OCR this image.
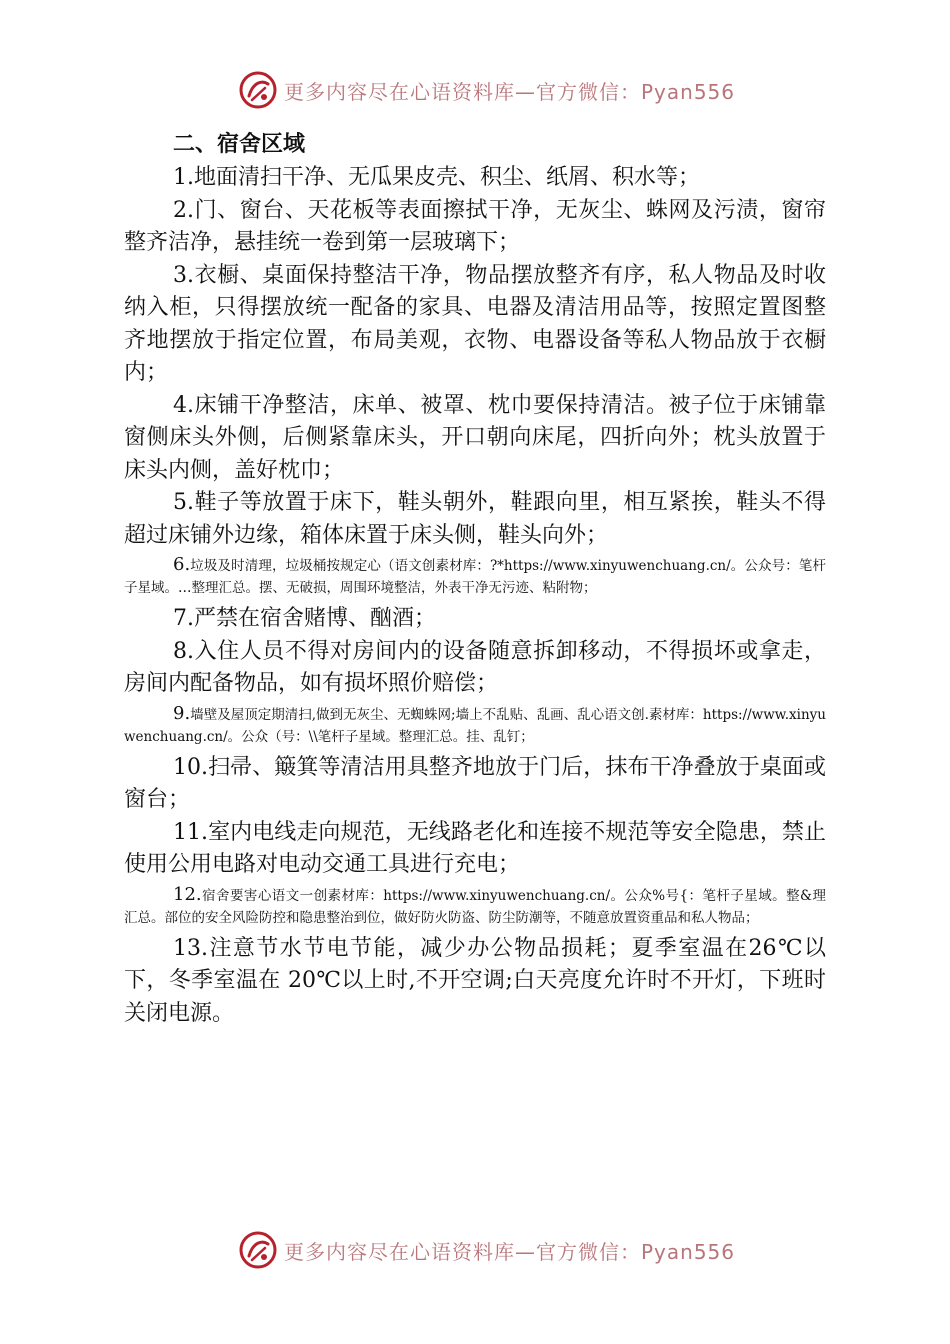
更多内容尽在心语资料库—官方微信：Pyan556
二、宿舍区域

1.地面清扫干净、无瓜果皮壳、积尘、纸屑、积水等；

2.门、窗台、天花板等表面擦拭干净，无灰尘、蛛网及污渍，窗帘整齐洁净，悬挂统一卷到第一层玻璃下；

3.衣橱、桌面保持整洁干净，物品摆放整齐有序，私人物品及时收纳入柜，只得摆放统一配备的家具、电器及清洁用品等，按照定置图整齐地摆放于指定位置，布局美观，衣物、电器设备等私人物品放于衣橱内；

4.床铺干净整洁，床单、被罩、枕巾要保持清洁。被子位于床铺靠窗侧床头外侧，后侧紧靠床头，开口朝向床尾，四折向外；枕头放置于床头内侧，盖好枕巾；

5.鞋子等放置于床下，鞋头朝外，鞋跟向里，相互紧挨，鞋头不得超过床铺外边缘，箱体床置于床头侧，鞋头向外；

6.垃圾及时清理，垃圾桶按规定心（语文创素材库：?*https://www.xinyuwenchuang.cn/。公众号：笔杆子星域。…整理汇总。摆、无破损，周围环境整洁，外表干净无污迹、粘附物；

7.严禁在宿舍赌博、酗酒；

8.入住人员不得对房间内的设备随意拆卸移动，不得损坏或拿走，房间内配备物品，如有损坏照价赔偿；

9.墙壁及屋顶定期清扫,做到无灰尘、无蜘蛛网;墙上不乱贴、乱画、乱心语文创.素材库：https://www.xinyuwenchuang.cn/。公众（号：\\笔杆子星域。整理汇总。挂、乱钉；

10.扫帚、簸箕等清洁用具整齐地放于门后，抹布干净叠放于桌面或窗台；

11.室内电线走向规范，无线路老化和连接不规范等安全隐患，禁止使用公用电路对电动交通工具进行充电；

12.宿舍要害心语文一创素材库：https://www.xinyuwenchuang.cn/。公众%号{：笔杆子星域。整&理汇总。部位的安全风险防控和隐患整治到位，做好防火防盗、防尘防潮等，不随意放置资重品和私人物品；

13.注意节水节电节能，减少办公物品损耗；夏季室温在26℃以下，冬季室温在 20℃以上时,不开空调;白天亮度允许时不开灯，下班时关闭电源。

更多内容尽在心语资料库—官方微信：Pyan556
